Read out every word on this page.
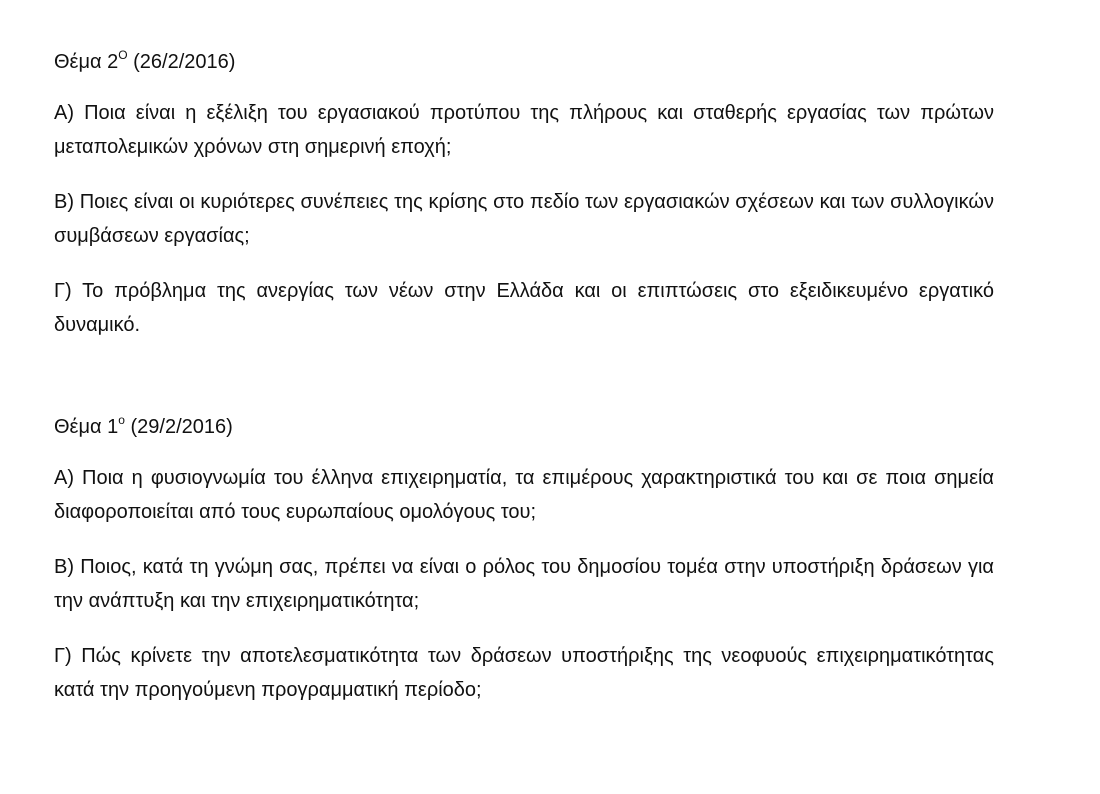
Θέμα $2^O$ (26/2/2016)

A) Ποια είναι η εξέλιξη του εργασιακού προτύπου της πλήρους και σταθερής εργασίας των πρώτων μεταπολεμικών χρόνων στη σημερινή εποχή;

B) Ποιες είναι οι κυριότερες συνέπειες της κρίσης στο πεδίο των εργασιακών σχέσεων και των συλλογικών συμβάσεων εργασίας;

Γ) Το πρόβλημα της ανεργίας των νέων στην Ελλάδα και οι επιπτώσεις στο εξειδικευμένο εργατικό δυναμικό.

Θέμα 1$^o$ (29/2/2016)

A) Ποια η φυσιογνωμία του έλληνα επιχειρηματία, τα επιμέρους χαρακτηριστικά του και σε ποια σημεία διαφοροποιείται από τους ευρωπαίους ομολόγους του;

B) Ποιος, κατά τη γνώμη σας, πρέπει να είναι ο ρόλος του δημοσίου τομέα στην υποστήριξη δράσεων για την ανάπτυξη και την επιχειρηματικότητα;

Γ) Πώς κρίνετε την αποτελεσματικότητα των δράσεων υποστήριξης της νεοφυούς επιχειρηματικότητας κατά την προηγούμενη προγραμματική περίοδο;
